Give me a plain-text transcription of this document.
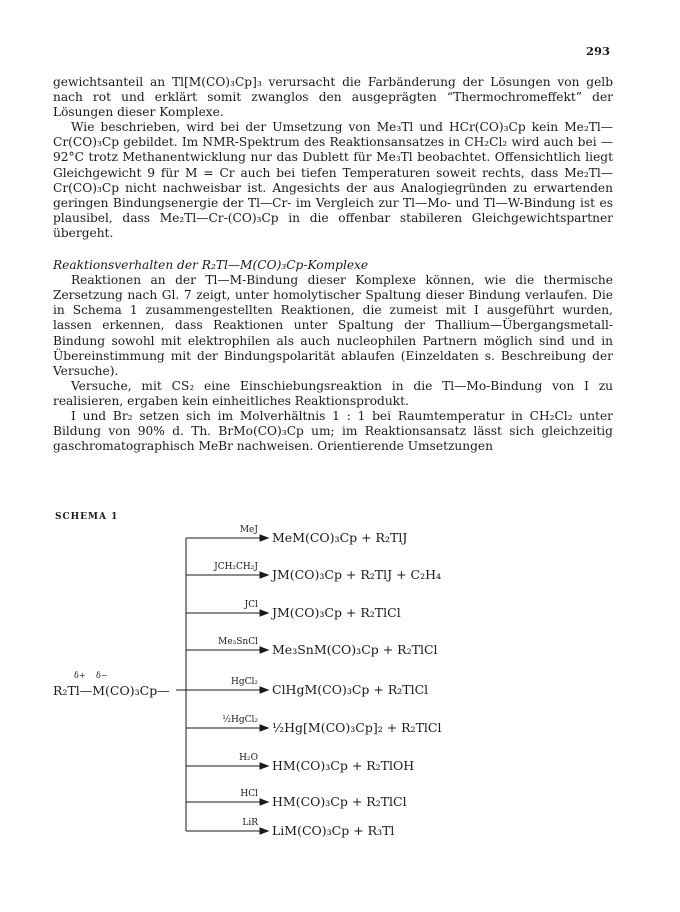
293

gewichtsanteil an Tl[M(CO)₃Cp]₃ verursacht die Farbänderung der Lösungen von gelb nach rot und erklärt somit zwanglos den ausgeprägten “Thermochromeffekt” der Lösungen dieser Komplexe.

Wie beschrieben, wird bei der Umsetzung von Me₃Tl und HCr(CO)₃Cp kein Me₂Tl—Cr(CO)₃Cp gebildet. Im NMR-Spektrum des Reaktionsansatzes in CH₂Cl₂ wird auch bei —92°C trotz Methanentwicklung nur das Dublett für Me₃Tl beobachtet. Offensichtlich liegt Gleichgewicht 9 für M = Cr auch bei tiefen Temperaturen soweit rechts, dass Me₂Tl—Cr(CO)₃Cp nicht nachweisbar ist. Angesichts der aus Analogiegründen zu erwartenden geringen Bindungsenergie der Tl—Cr- im Vergleich zur Tl—Mo- und Tl—W-Bindung ist es plausibel, dass Me₂Tl—Cr-(CO)₃Cp in die offenbar stabileren Gleichgewichtspartner übergeht.

Reaktionsverhalten der R₂Tl—M(CO)₃Cp-Komplexe

Reaktionen an der Tl—M-Bindung dieser Komplexe können, wie die thermische Zersetzung nach Gl. 7 zeigt, unter homolytischer Spaltung dieser Bindung verlaufen. Die in Schema 1 zusammengestellten Reaktionen, die zumeist mit I ausgeführt wurden, lassen erkennen, dass Reaktionen unter Spaltung der Thallium—Übergangsmetall-Bindung sowohl mit elektrophilen als auch nucleophilen Partnern möglich sind und in Übereinstimmung mit der Bindungspolarität ablaufen (Einzeldaten s. Beschreibung der Versuche).

Versuche, mit CS₂ eine Einschiebungsreaktion in die Tl—Mo-Bindung von I zu realisieren, ergaben kein einheitliches Reaktionsprodukt.

I und Br₂ setzen sich im Molverhältnis 1 : 1 bei Raumtemperatur in CH₂Cl₂ unter Bildung von 90% d. Th. BrMo(CO)₃Cp um; im Reaktionsansatz lässt sich gleichzeitig gaschromatographisch MeBr nachweisen. Orientierende Umsetzungen

SCHEMA 1
δ+ δ−
R₂Tl—M(CO)₃Cp—
MeJ MeM(CO)₃Cp + R₂TlJ
JCH₂CH₂J JM(CO)₃Cp + R₂TlJ + C₂H₄
JCl JM(CO)₃Cp + R₂TlCl
Me₃SnCl Me₃SnM(CO)₃Cp + R₂TlCl
HgCl₂ ClHgM(CO)₃Cp + R₂TlCl
½HgCl₂ ½Hg[M(CO)₃Cp]₂ + R₂TlCl
H₂O HM(CO)₃Cp + R₂TlOH
HCl HM(CO)₃Cp + R₂TlCl
LiR LiM(CO)₃Cp + R₃Tl
